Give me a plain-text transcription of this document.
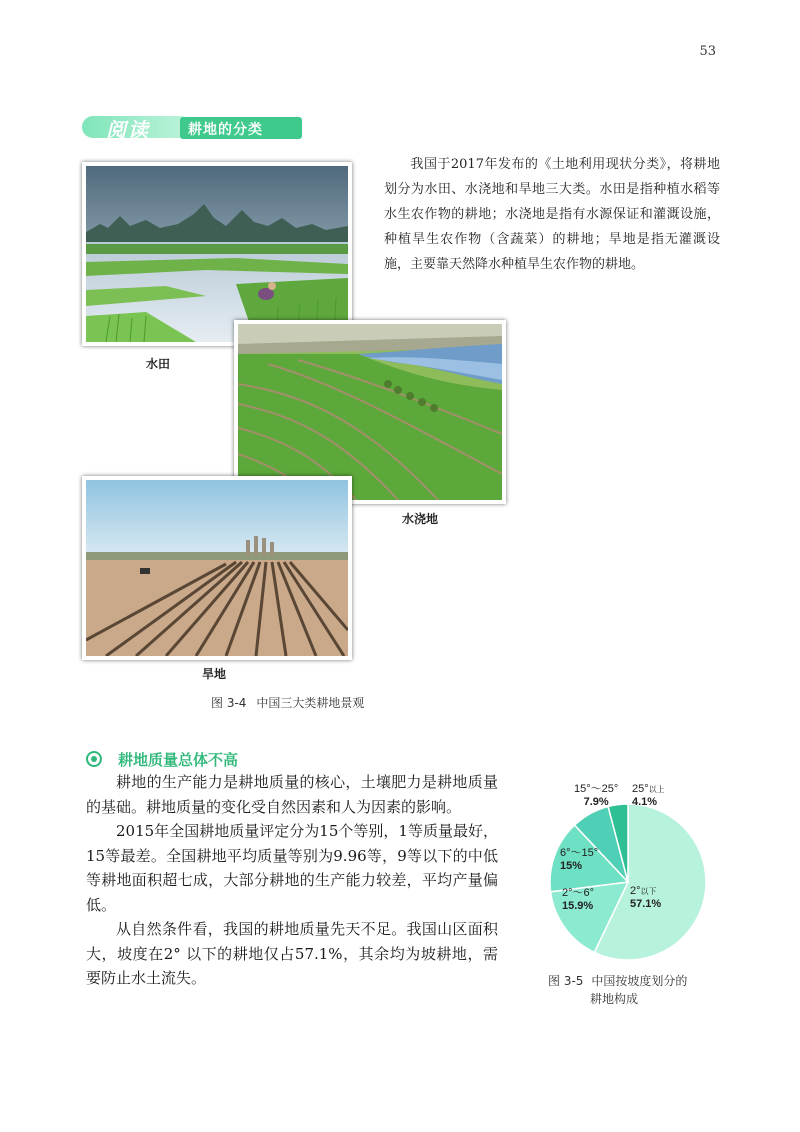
53
阅读	耕地的分类
我国于2017年发布的《土地利用现状分类》，将耕地划分为水田、水浇地和旱地三大类。水田是指种植水稻等水生农作物的耕地；水浇地是指有水源保证和灌溉设施，种植旱生农作物（含蔬菜）的耕地；旱地是指无灌溉设施，主要靠天然降水种植旱生农作物的耕地。
水田
水浇地
旱地
图 3-4 中国三大类耕地景观
耕地质量总体不高

耕地的生产能力是耕地质量的核心，土壤肥力是耕地质量的基础。耕地质量的变化受自然因素和人为因素的影响。

2015年全国耕地质量评定分为15个等别，1等质量最好，15等最差。全国耕地平均质量等别为9.96等，9等以下的中低等耕地面积超七成，大部分耕地的生产能力较差，平均产量偏低。

从自然条件看，我国的耕地质量先天不足。我国山区面积大，坡度在2° 以下的耕地仅占57.1%，其余均为坡耕地，需要防止水土流失。

2°以下
57.1%
2°～6°
15.9%
6°～15°
15%
15°～25°
7.9%
25°以上
4.1%
图 3-5 中国按坡度划分的
耕地构成
